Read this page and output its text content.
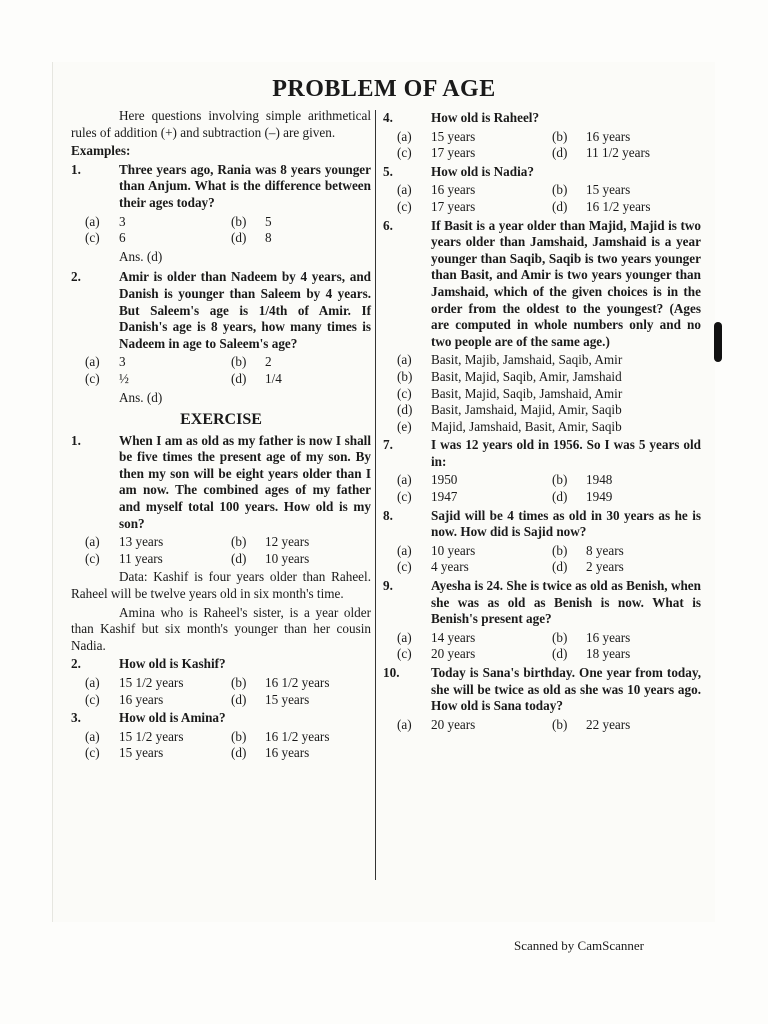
PROBLEM OF AGE

Here questions involving simple arithmetical rules of addition (+) and subtraction (–) are given.

Examples:
1.	Three years ago, Rania was 8 years younger than Anjum. What is the difference between their ages today?
(a)	3	(b)	5
(c)	6	(d)	8
Ans. (d)
2.	Amir is older than Nadeem by 4 years, and Danish is younger than Saleem by 4 years. But Saleem's age is 1/4th of Amir. If Danish's age is 8 years, how many times is Nadeem in age to Saleem's age?
(a)	3	(b)	2
(c)	½	(d)	1/4
Ans. (d)
EXERCISE
1.	When I am as old as my father is now I shall be five times the present age of my son. By then my son will be eight years older than I am now. The combined ages of my father and myself total 100 years. How old is my son?
(a)	13 years	(b)	12 years
(c)	11 years	(d)	10 years

Data: Kashif is four years older than Raheel. Raheel will be twelve years old in six month's time.

Amina who is Raheel's sister, is a year older than Kashif but six month's younger than her cousin Nadia.

2.	How old is Kashif?
(a)	15 1/2 years	(b)	16 1/2 years
(c)	16 years	(d)	15 years
3.	How old is Amina?
(a)	15 1/2 years	(b)	16 1/2 years
(c)	15 years	(d)	16 years
4.	How old is Raheel?
(a)	15 years	(b)	16 years
(c)	17 years	(d)	11 1/2 years
5.	How old is Nadia?
(a)	16 years	(b)	15 years
(c)	17 years	(d)	16 1/2 years
6.	If Basit is a year older than Majid, Majid is two years older than Jamshaid, Jamshaid is a year younger than Saqib, Saqib is two years younger than Basit, and Amir is two years younger than Jamshaid, which of the given choices is in the order from the oldest to the youngest? (Ages are computed in whole numbers only and no two people are of the same age.)
(a)	Basit, Majib, Jamshaid, Saqib, Amir
(b)	Basit, Majid, Saqib, Amir, Jamshaid
(c)	Basit, Majid, Saqib, Jamshaid, Amir
(d)	Basit, Jamshaid, Majid, Amir, Saqib
(e)	Majid, Jamshaid, Basit, Amir, Saqib
7.	I was 12 years old in 1956. So I was 5 years old in:
(a)	1950	(b)	1948
(c)	1947	(d)	1949
8.	Sajid will be 4 times as old in 30 years as he is now. How did is Sajid now?
(a)	10 years	(b)	8 years
(c)	4 years	(d)	2 years
9.	Ayesha is 24. She is twice as old as Benish, when she was as old as Benish is now. What is Benish's present age?
(a)	14 years	(b)	16 years
(c)	20 years	(d)	18 years
10.	Today is Sana's birthday. One year from today, she will be twice as old as she was 10 years ago. How old is Sana today?
(a)	20 years	(b)	22 years
Scanned by CamScanner
